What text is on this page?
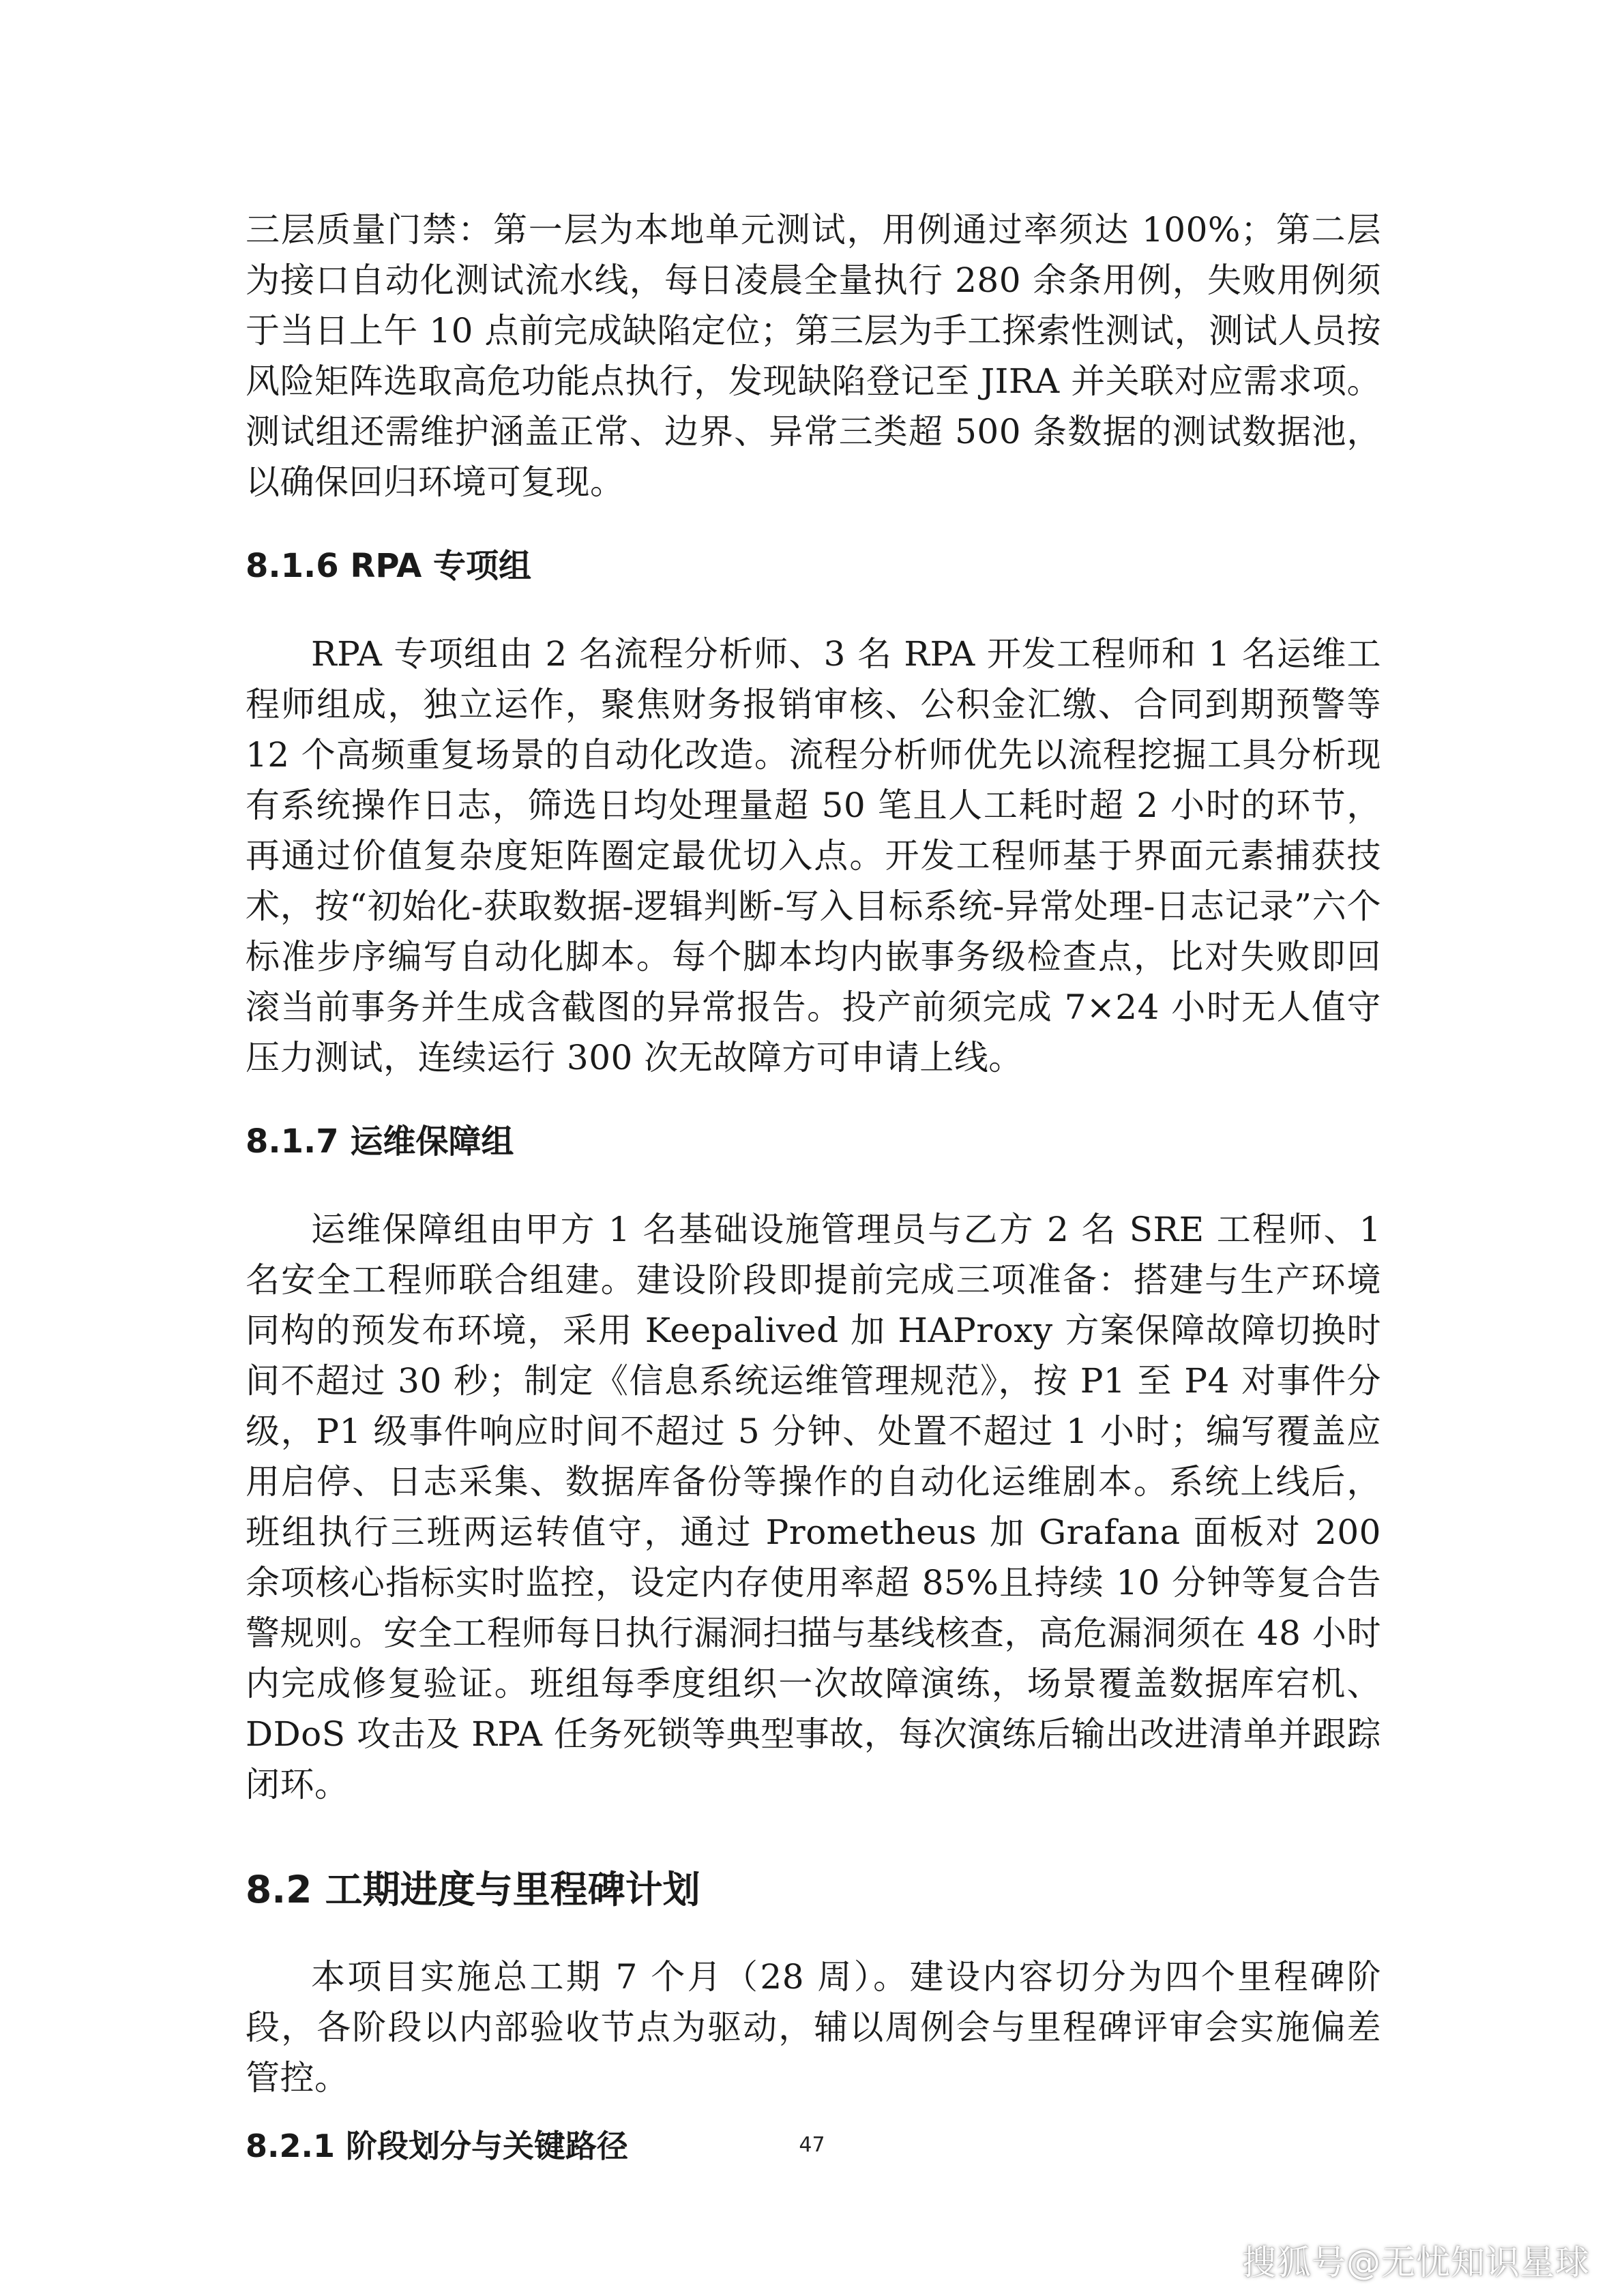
三层质量门禁：第一层为本地单元测试，用例通过率须达 100%；第二层为接口自动化测试流水线，每日凌晨全量执行 280 余条用例，失败用例须于当日上午 10 点前完成缺陷定位；第三层为手工探索性测试，测试人员按风险矩阵选取高危功能点执行，发现缺陷登记至 JIRA 并关联对应需求项。测试组还需维护涵盖正常、边界、异常三类超 500 条数据的测试数据池，以确保回归环境可复现。

8.1.6 RPA 专项组

RPA 专项组由 2 名流程分析师、3 名 RPA 开发工程师和 1 名运维工程师组成，独立运作，聚焦财务报销审核、公积金汇缴、合同到期预警等 12 个高频重复场景的自动化改造。流程分析师优先以流程挖掘工具分析现有系统操作日志，筛选日均处理量超 50 笔且人工耗时超 2 小时的环节，再通过价值复杂度矩阵圈定最优切入点。开发工程师基于界面元素捕获技术，按“初始化-获取数据-逻辑判断-写入目标系统-异常处理-日志记录”六个标准步序编写自动化脚本。每个脚本均内嵌事务级检查点，比对失败即回滚当前事务并生成含截图的异常报告。投产前须完成 7×24 小时无人值守压力测试，连续运行 300 次无故障方可申请上线。

8.1.7 运维保障组

运维保障组由甲方 1 名基础设施管理员与乙方 2 名 SRE 工程师、1 名安全工程师联合组建。建设阶段即提前完成三项准备：搭建与生产环境同构的预发布环境，采用 Keepalived 加 HAProxy 方案保障故障切换时间不超过 30 秒；制定《信息系统运维管理规范》，按 P1 至 P4 对事件分级，P1 级事件响应时间不超过 5 分钟、处置不超过 1 小时；编写覆盖应用启停、日志采集、数据库备份等操作的自动化运维剧本。系统上线后，班组执行三班两运转值守，通过 Prometheus 加 Grafana 面板对 200 余项核心指标实时监控，设定内存使用率超 85%且持续 10 分钟等复合告警规则。安全工程师每日执行漏洞扫描与基线核查，高危漏洞须在 48 小时内完成修复验证。班组每季度组织一次故障演练，场景覆盖数据库宕机、DDoS 攻击及 RPA 任务死锁等典型事故，每次演练后输出改进清单并跟踪闭环。

8.2 工期进度与里程碑计划

本项目实施总工期 7 个月（28 周）。建设内容切分为四个里程碑阶段，各阶段以内部验收节点为驱动，辅以周例会与里程碑评审会实施偏差管控。

8.2.1 阶段划分与关键路径	47
搜狐号@无忧知识星球
